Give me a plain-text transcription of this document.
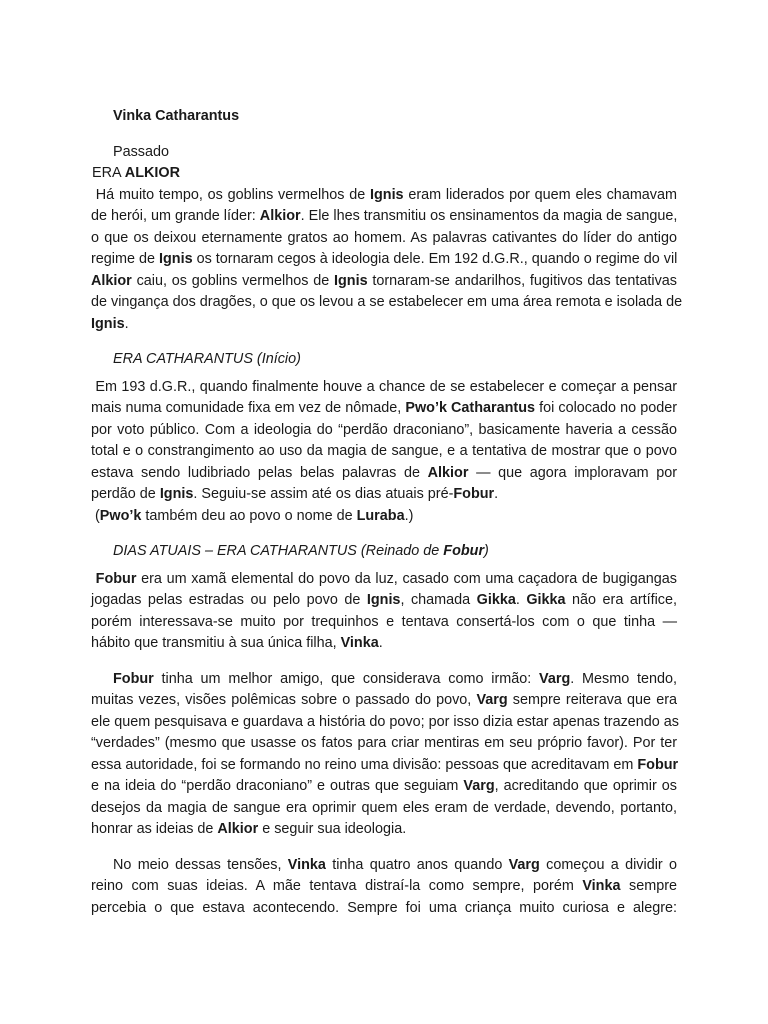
Vinka Catharantus
Passado
ERA ALKIOR
Há muito tempo, os goblins vermelhos de Ignis eram liderados por quem eles chamavam
de herói, um grande líder: Alkior. Ele lhes transmitiu os ensinamentos da magia de sangue,
o que os deixou eternamente gratos ao homem. As palavras cativantes do líder do antigo
regime de Ignis os tornaram cegos à ideologia dele. Em 192 d.G.R., quando o regime do vil
Alkior caiu, os goblins vermelhos de Ignis tornaram-se andarilhos, fugitivos das tentativas
de vingança dos dragões, o que os levou a se estabelecer em uma área remota e isolada de
Ignis.
ERA CATHARANTUS (Início)
Em 193 d.G.R., quando finalmente houve a chance de se estabelecer e começar a pensar
mais numa comunidade fixa em vez de nômade, Pwo’k Catharantus foi colocado no poder
por voto público. Com a ideologia do “perdão draconiano”, basicamente haveria a cessão
total e o constrangimento ao uso da magia de sangue, e a tentativa de mostrar que o povo
estava sendo ludibriado pelas belas palavras de Alkior — que agora imploravam por
perdão de Ignis. Seguiu-se assim até os dias atuais pré-Fobur.
(Pwo’k também deu ao povo o nome de Luraba.)
DIAS ATUAIS – ERA CATHARANTUS (Reinado de Fobur)
Fobur era um xamã elemental do povo da luz, casado com uma caçadora de bugigangas
jogadas pelas estradas ou pelo povo de Ignis, chamada Gikka. Gikka não era artífice,
porém interessava-se muito por trequinhos e tentava consertá-los com o que tinha —
hábito que transmitiu à sua única filha, Vinka.
Fobur tinha um melhor amigo, que considerava como irmão: Varg. Mesmo tendo,
muitas vezes, visões polêmicas sobre o passado do povo, Varg sempre reiterava que era
ele quem pesquisava e guardava a história do povo; por isso dizia estar apenas trazendo as
“verdades” (mesmo que usasse os fatos para criar mentiras em seu próprio favor). Por ter
essa autoridade, foi se formando no reino uma divisão: pessoas que acreditavam em Fobur
e na ideia do “perdão draconiano” e outras que seguiam Varg, acreditando que oprimir os
desejos da magia de sangue era oprimir quem eles eram de verdade, devendo, portanto,
honrar as ideias de Alkior e seguir sua ideologia.
No meio dessas tensões, Vinka tinha quatro anos quando Varg começou a dividir o
reino com suas ideias. A mãe tentava distraí-la como sempre, porém Vinka sempre
percebia o que estava acontecendo. Sempre foi uma criança muito curiosa e alegre:
